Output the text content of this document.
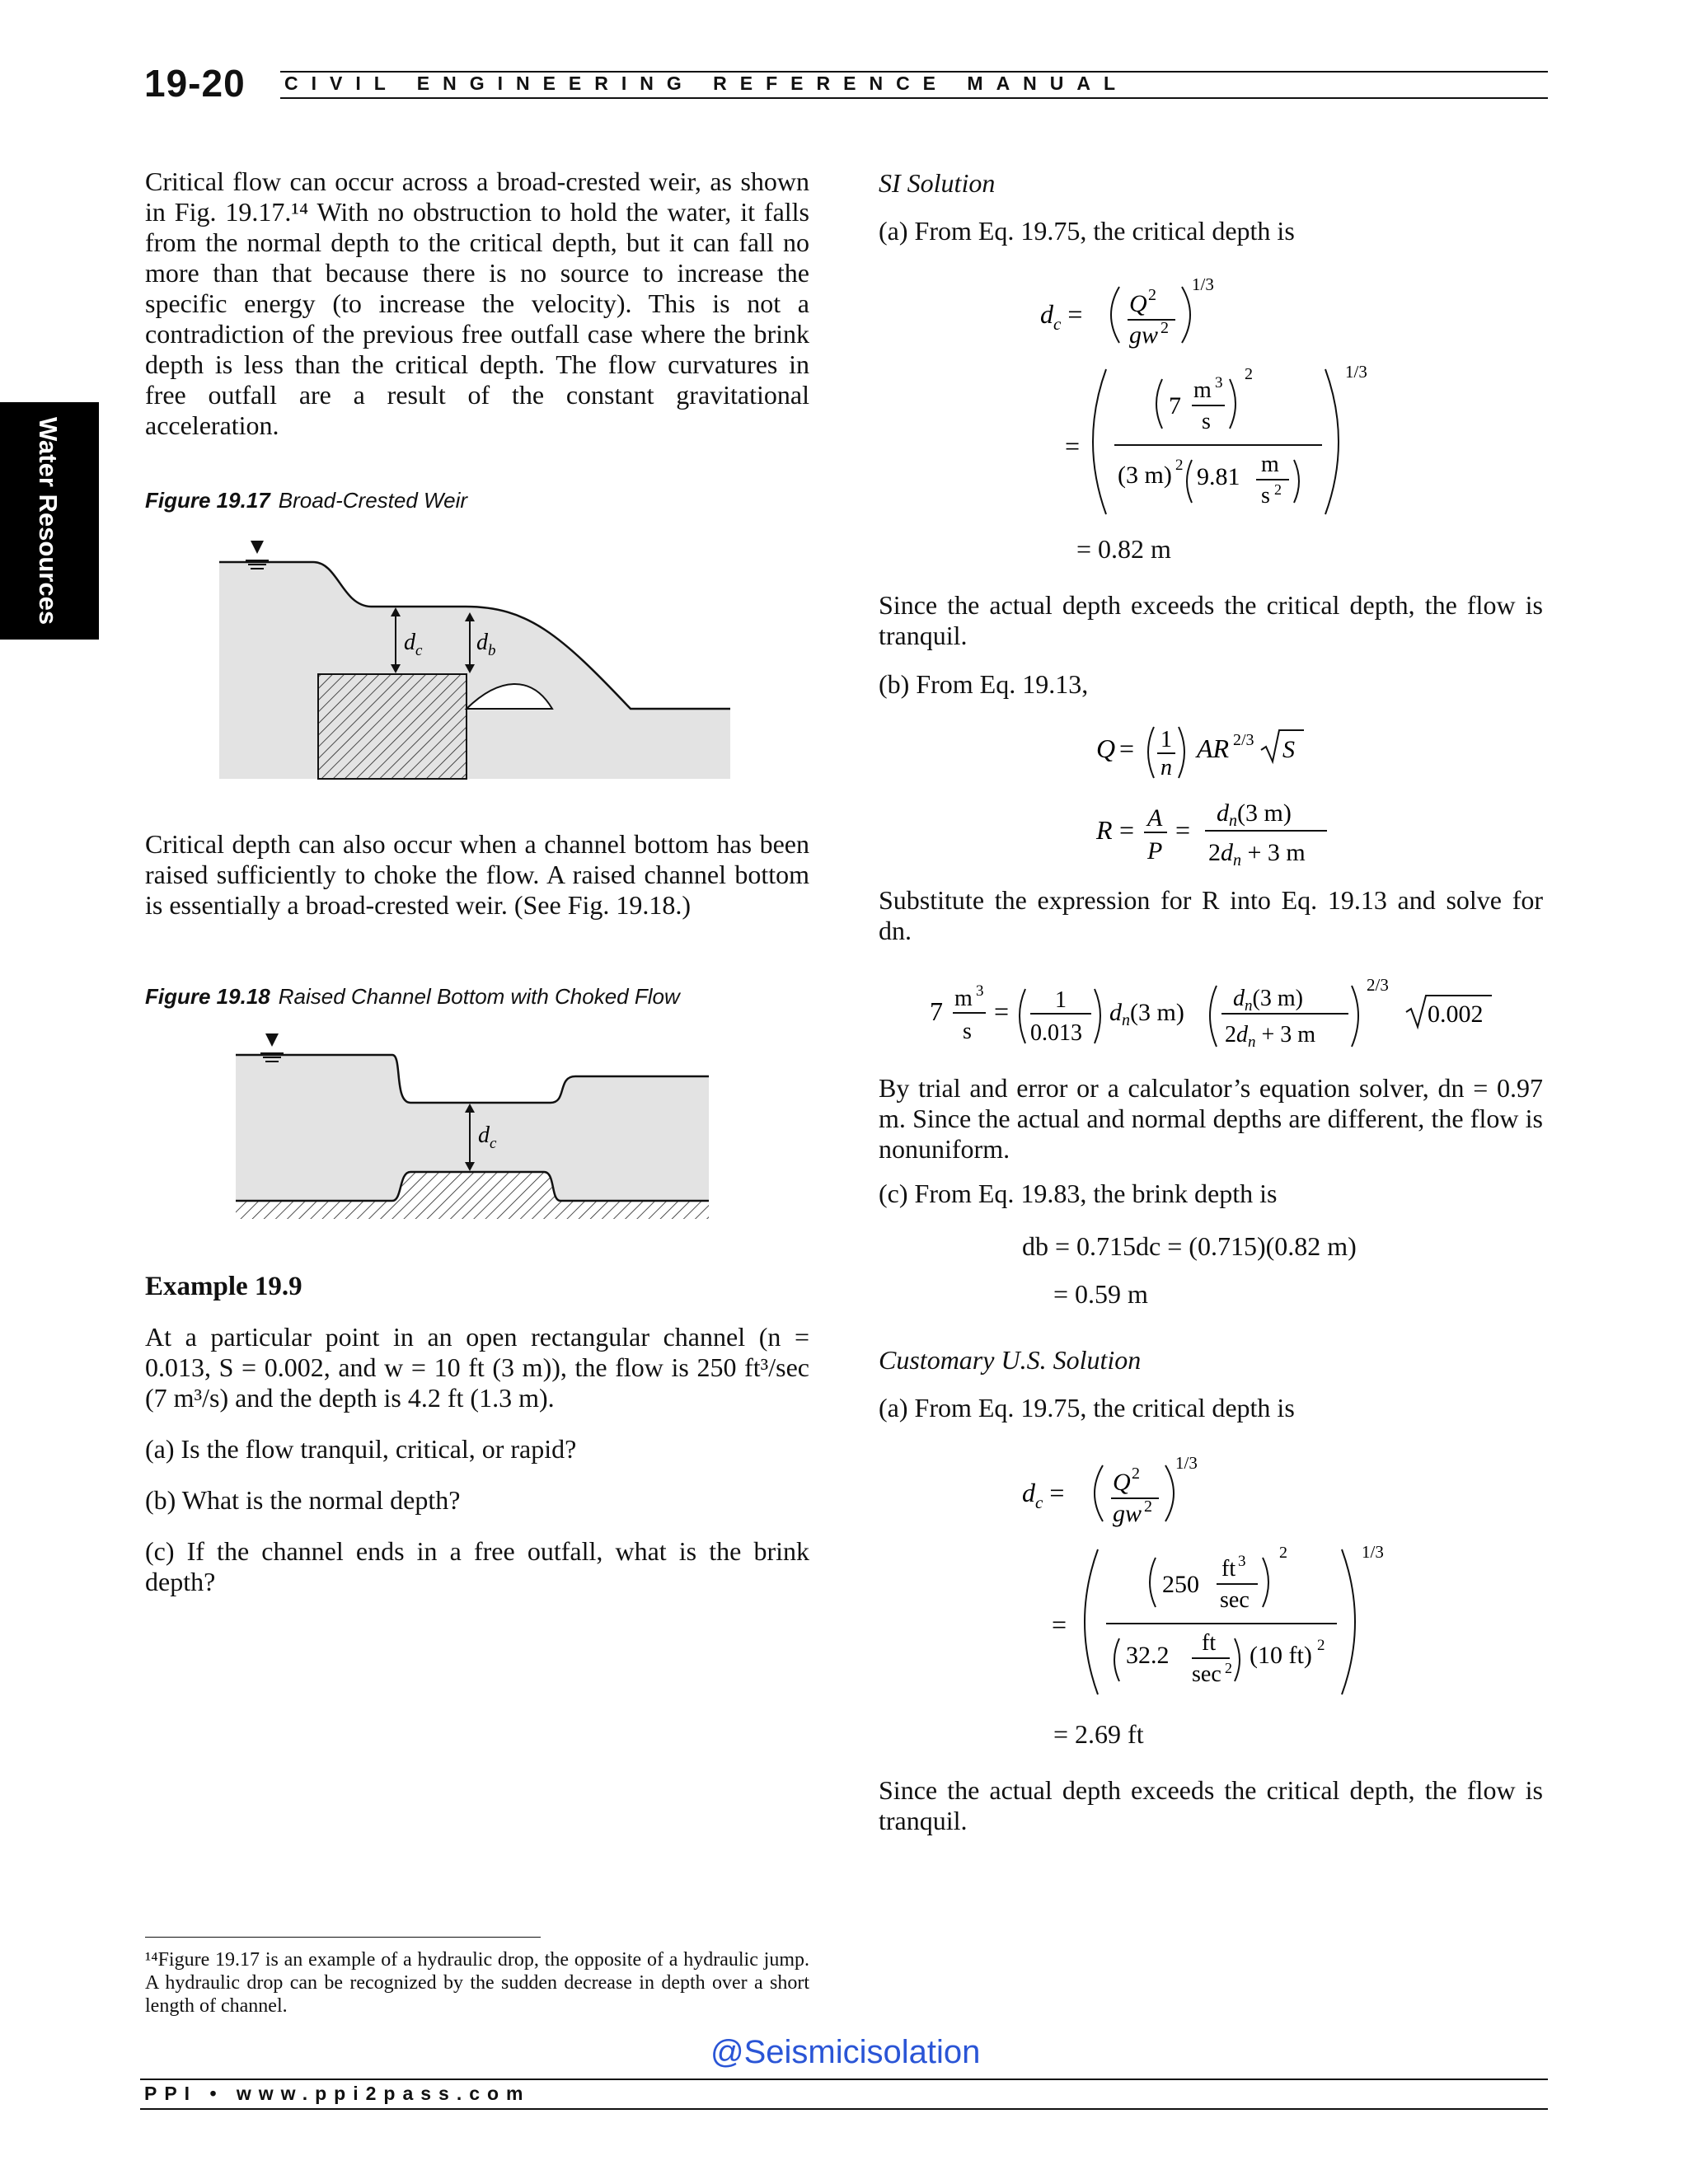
19-20 CIVIL ENGINEERING REFERENCE MANUAL
Water Resources
Critical flow can occur across a broad-crested weir, as shown in Fig. 19.17.¹⁴ With no obstruction to hold the water, it falls from the normal depth to the critical depth, but it can fall no more than that because there is no source to increase the specific energy (to increase the velocity). This is not a contradiction of the previous free outfall case where the brink depth is less than the critical depth. The flow curvatures in free outfall are a result of the constant gravitational acceleration.
Figure 19.17 Broad-Crested Weir
$d_c$ $d_b$
Critical depth can also occur when a channel bottom has been raised sufficiently to choke the flow. A raised channel bottom is essentially a broad-crested weir. (See Fig. 19.18.)
Figure 19.18 Raised Channel Bottom with Choked Flow
$d_c$
Example 19.9
At a particular point in an open rectangular channel (n = 0.013, S = 0.002, and w = 10 ft (3 m)), the flow is 250 ft³/sec (7 m³/s) and the depth is 4.2 ft (1.3 m).
(a) Is the flow tranquil, critical, or rapid?
(b) What is the normal depth?
(c) If the channel ends in a free outfall, what is the brink depth?
¹⁴Figure 19.17 is an example of a hydraulic drop, the opposite of a hydraulic jump. A hydraulic drop can be recognized by the sudden decrease in depth over a short length of channel.
SI Solution
(a) From Eq. 19.75, the critical depth is
$d_c = Q$ 2
gw 2
1/3
=
7
m 3
s
2
(3 m) 2 9.81 m
s 2
1/3
= 0.82 m
Since the actual depth exceeds the critical depth, the flow is tranquil.
(b) From Eq. 19.13,
Q = 1
n
AR 2/3 S
R = A
P
=
$d_n(3$ m)
$2d_n + 3$ m
Substitute the expression for R into Eq. 19.13 and solve for dn.
7 m 3
s
= 1
0.013
$d_n(3$ m)
$d_n(3$ m)
$2d_n + 3$ m
2/3
0.002
By trial and error or a calculator’s equation solver, dn = 0.97 m. Since the actual and normal depths are different, the flow is nonuniform.
(c) From Eq. 19.83, the brink depth is
db = 0.715dc = (0.715)(0.82 m)
= 0.59 m
Customary U.S. Solution
(a) From Eq. 19.75, the critical depth is
$d_c = Q$ 2
gw 2
1/3
=
250
ft 3
sec
2
32.2 ft
sec 2 (10 ft) 2
1/3
= 2.69 ft
Since the actual depth exceeds the critical depth, the flow is tranquil.
@Seismicisolation
PPI • www.ppi2pass.com
